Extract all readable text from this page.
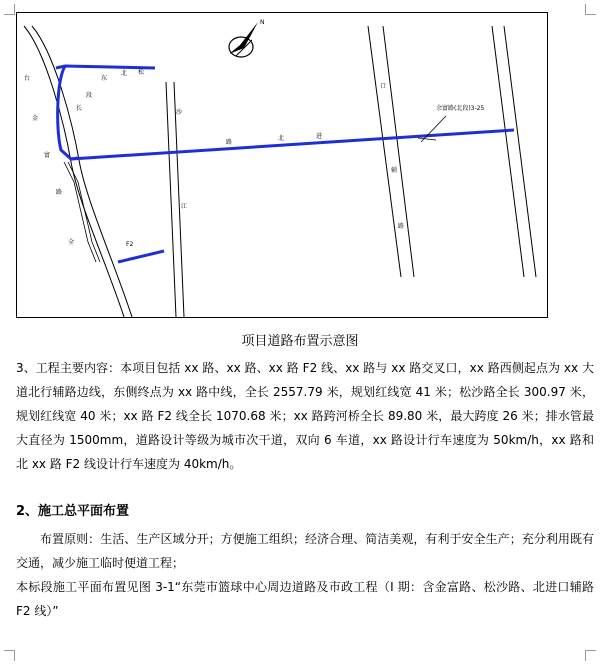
余富路(北段)3-25
N
台
金
富
路
全
长
段
东
北 松
沙
江
路
北	进
口
辅
路
F2
项目道路布置示意图

3、工程主要内容：本项目包括 xx 路、xx 路、xx 路 F2 线、xx 路与 xx 路交叉口，xx 路西侧起点为 xx 大道北行辅路边线，东侧终点为 xx 路中线，全长 2557.79 米，规划红线宽 41 米；松沙路全长 300.97 米，规划红线宽 40 米；xx 路 F2 线全长 1070.68 米；xx 路跨河桥全长 89.80 米，最大跨度 26 米；排水管最大直径为 1500mm，道路设计等级为城市次干道，双向 6 车道，xx 路设计行车速度为 50km/h，xx 路和北 xx 路 F2 线设计行车速度为 40km/h。

2、施工总平面布置

布置原则：生活、生产区域分开；方便施工组织；经济合理、简洁美观，有利于安全生产；充分利用既有交通，减少施工临时便道工程；

本标段施工平面布置见图 3-1“东莞市篮球中心周边道路及市政工程（I 期：含金富路、松沙路、北进口辅路 F2 线）”
